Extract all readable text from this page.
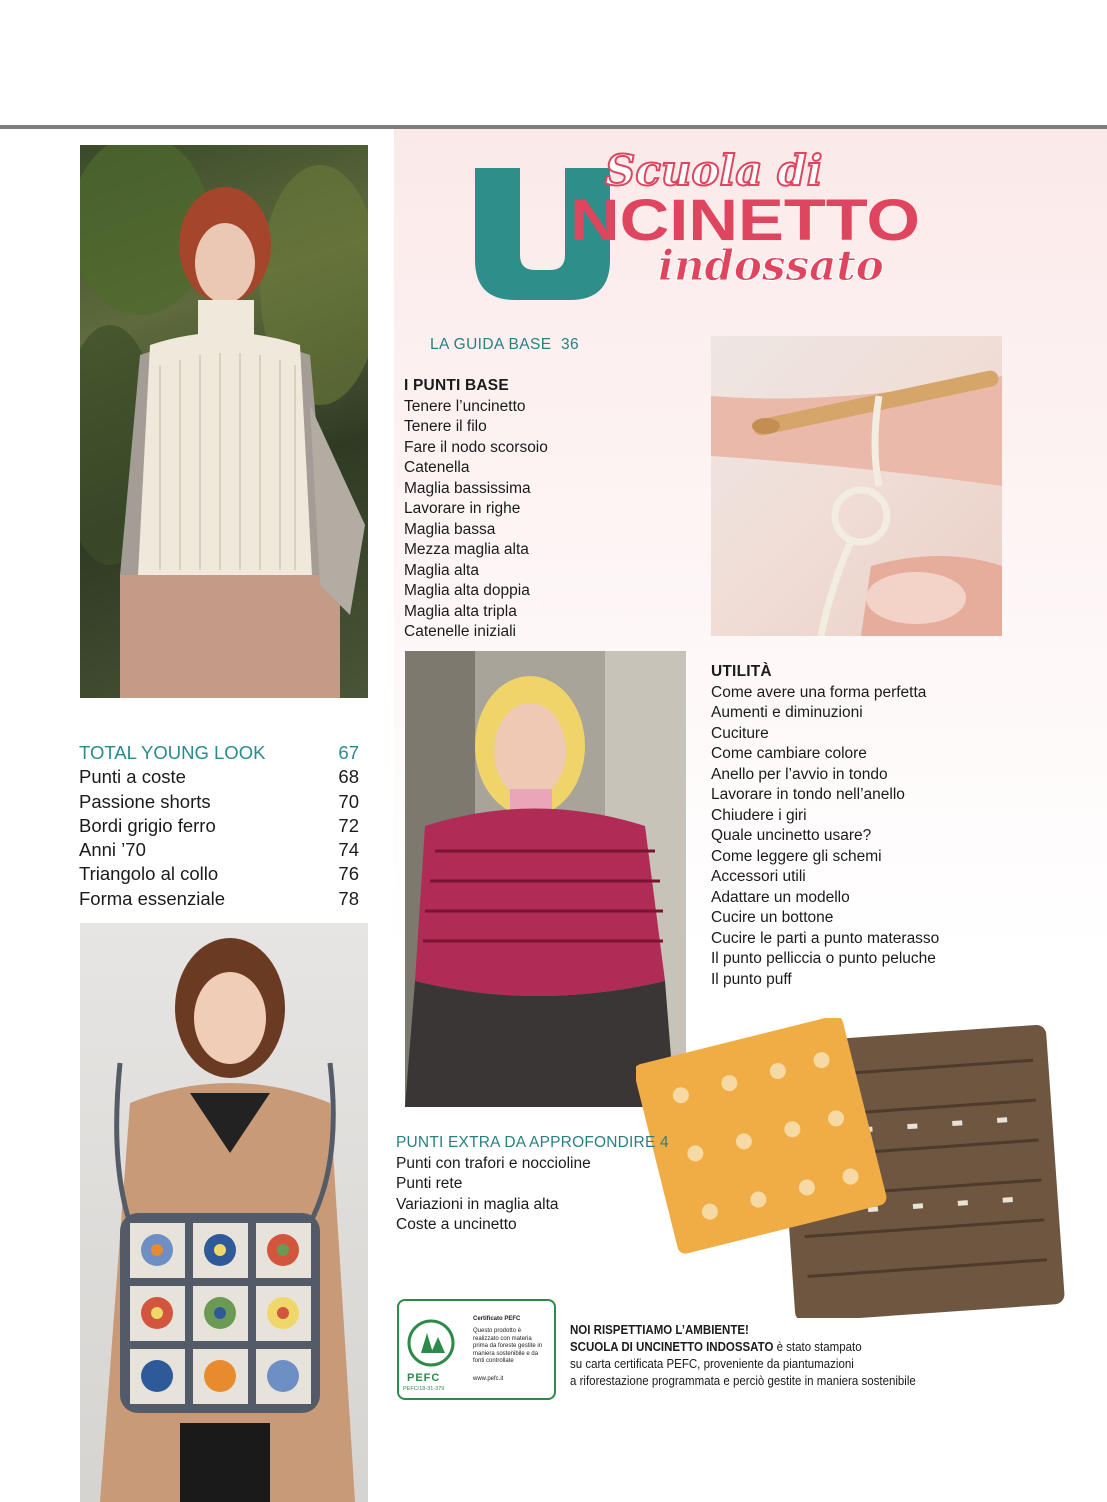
Scuola di
NCINETTO
indossato
LA GUIDA BASE 36
I PUNTI BASE
Tenere l’uncinetto
Tenere il filo
Fare il nodo scorsoio
Catenella
Maglia bassissima
Lavorare in righe
Maglia bassa
Mezza maglia alta
Maglia alta
Maglia alta doppia
Maglia alta tripla
Catenelle iniziali
UTILITÀ
Come avere una forma perfetta
Aumenti e diminuzioni
Cuciture
Come cambiare colore
Anello per l’avvio in tondo
Lavorare in tondo nell’anello
Chiudere i giri
Quale uncinetto usare?
Come leggere gli schemi
Accessori utili
Adattare un modello
Cucire un bottone
Cucire le parti a punto materasso
Il punto pelliccia o punto peluche
Il punto puff
PUNTI EXTRA DA APPROFONDIRE 4
Punti con trafori e noccioline
Punti rete
Variazioni in maglia alta
Coste a uncinetto
TOTAL YOUNG LOOK	67
Punti a coste	68
Passione shorts	70
Bordi grigio ferro	72
Anni ’70	74
Triangolo al collo	76
Forma essenziale	78
PEFC
PEFC/18-31-379
Certificato PEFC
Questo prodotto è realizzato con materia prima da foreste gestite in maniera sostenibile e da fonti controllate
www.pefc.it
NOI RISPETTIAMO L’AMBIENTE!
SCUOLA DI UNCINETTO INDOSSATO è stato stampato
su carta certificata PEFC, proveniente da piantumazioni
a riforestazione programmata e perciò gestite in maniera sostenibile
